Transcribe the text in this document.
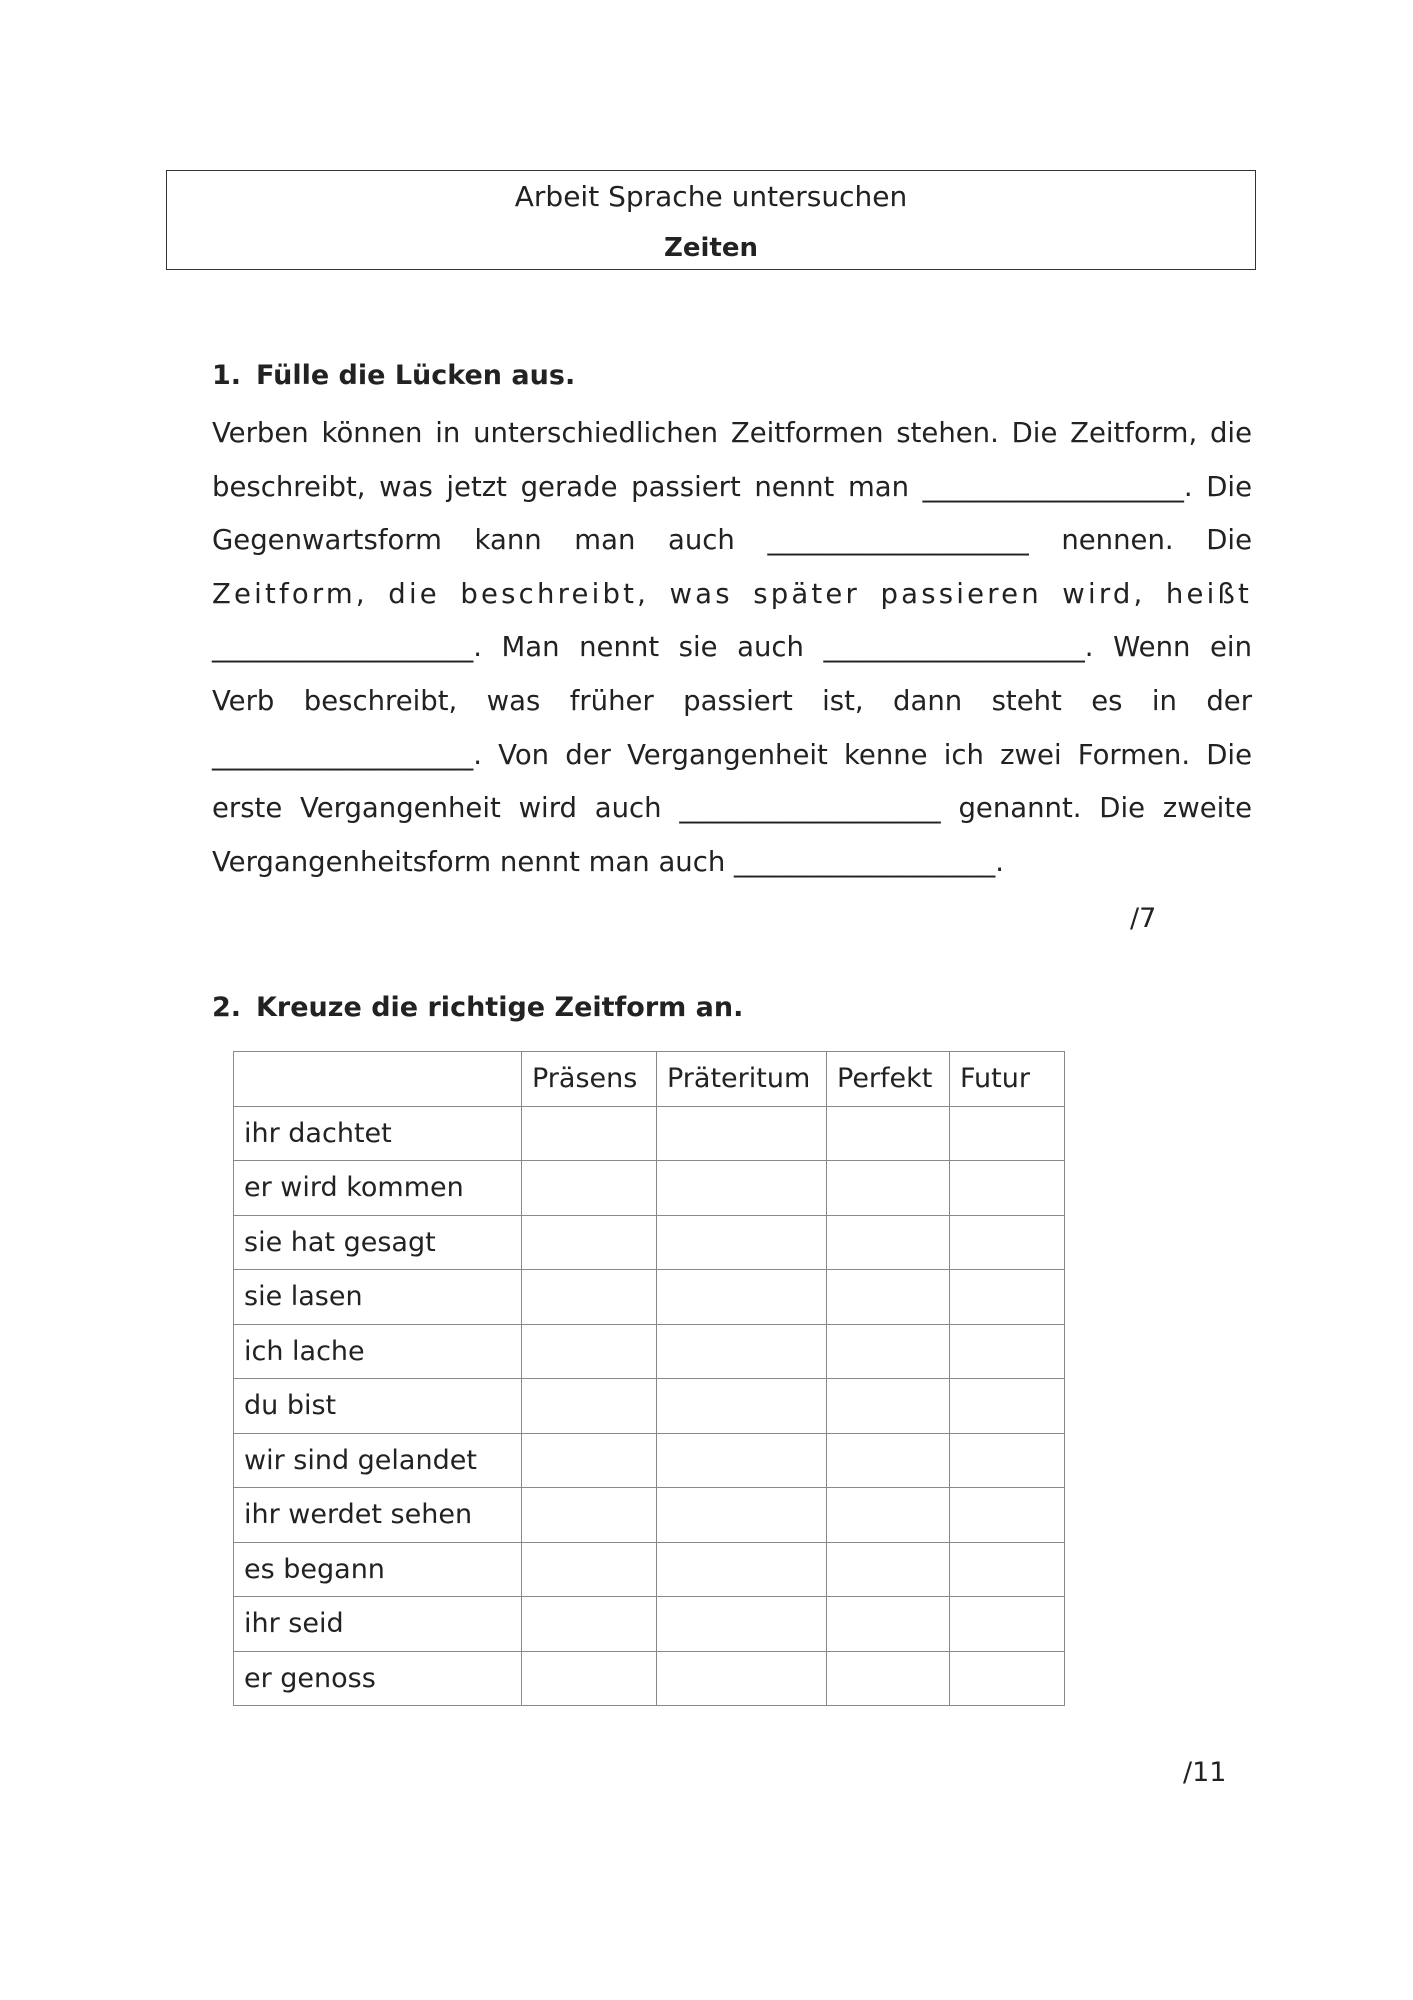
Arbeit Sprache untersuchen
Zeiten
1. Fülle die Lücken aus.
Verben können in unterschiedlichen Zeitformen stehen. Die Zeitform, die
beschreibt, was jetzt gerade passiert nennt man ___________________. Die
Gegenwartsform kann man auch ___________________ nennen. Die
Zeitform, die beschreibt, was später passieren wird, heißt
___________________. Man nennt sie auch ___________________. Wenn ein
Verb beschreibt, was früher passiert ist, dann steht es in der
___________________. Von der Vergangenheit kenne ich zwei Formen. Die
erste Vergangenheit wird auch ___________________ genannt. Die zweite
Vergangenheitsform nennt man auch ___________________.
/7
2. Kreuze die richtige Zeitform an.
	Präsens	Präteritum	Perfekt	Futur
ihr dachtet				
er wird kommen				
sie hat gesagt				
sie lasen				
ich lache				
du bist				
wir sind gelandet				
ihr werdet sehen				
es begann				
ihr seid				
er genoss				
/11
